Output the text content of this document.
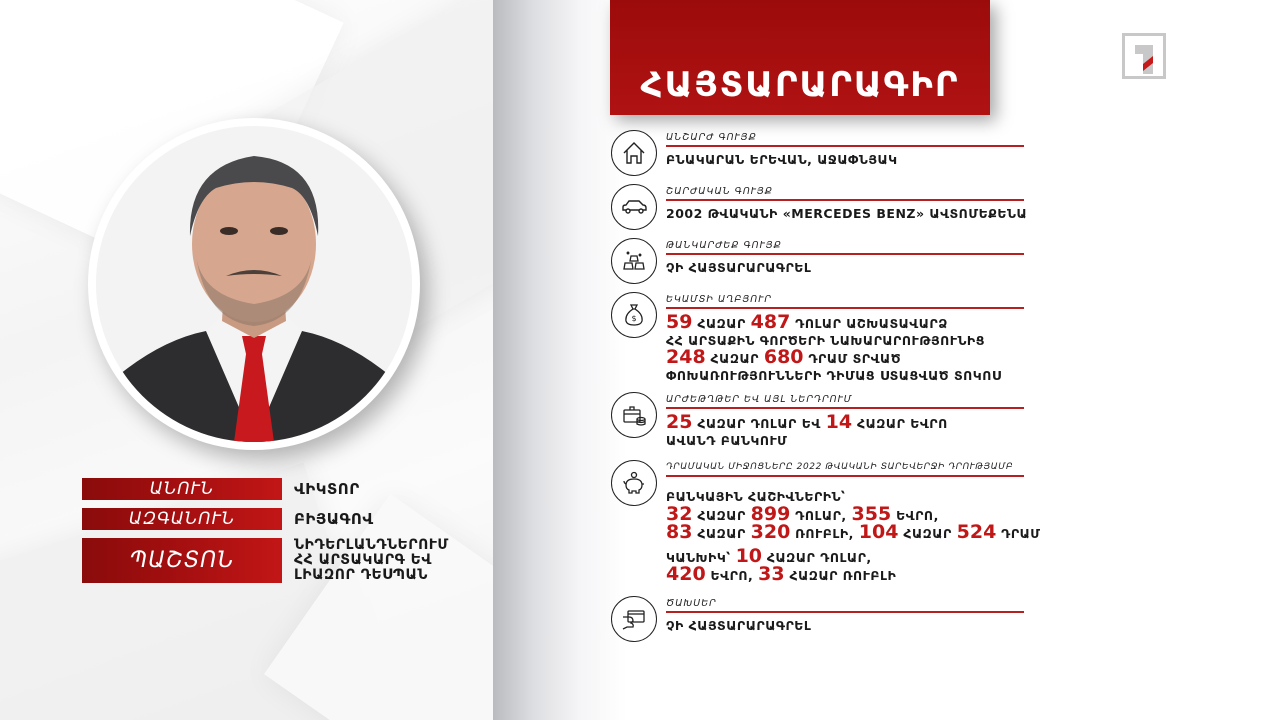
ԱՆՈՒՆ	ՎԻԿՏՈՐ
ԱԶԳԱՆՈՒՆ	ԲԻՅԱԳՈՎ
ՊԱՇՏՈՆ
ՆԻԴԵՐԼԱՆԴՆԵՐՈՒՄ
ՀՀ ԱՐՏԱԿԱՐԳ ԵՎ
ԼԻԱԶՈՐ ԴԵՍՊԱՆ
ՀԱՅՏԱՐԱՐԱԳԻՐ
ԱՆՇԱՐԺ ԳՈՒՅՔ
ԲՆԱԿԱՐԱՆ ԵՐԵՎԱՆ, ԱՋԱՓՆՅԱԿ
ՇԱՐԺԱԿԱՆ ԳՈՒՅՔ
2002 ԹՎԱԿԱՆԻ «MERCEDES BENZ» ԱՎՏՈՄԵՔԵՆԱ
ԹԱՆԿԱՐԺԵՔ ԳՈՒՅՔ
ՉԻ ՀԱՅՏԱՐԱՐԱԳՐԵԼ
$
ԵԿԱՄՏԻ ԱՂԲՅՈՒՐ
59 ՀԱԶԱՐ 487 ԴՈԼԱՐ ԱՇԽԱՏԱՎԱՐՁ
ՀՀ ԱՐՏԱՔԻՆ ԳՈՐԾԵՐԻ ՆԱԽԱՐԱՐՈՒԹՅՈՒՆԻՑ
248 ՀԱԶԱՐ 680 ԴՐԱՄ ՏՐՎԱԾ
ՓՈԽԱՌՈՒԹՅՈՒՆՆԵՐԻ ԴԻՄԱՑ ՍՏԱՑՎԱԾ ՏՈԿՈՍ
ԱՐԺԵԹՂԹԵՐ ԵՎ ԱՅԼ ՆԵՐԴՐՈՒՄ
25 ՀԱԶԱՐ ԴՈԼԱՐ ԵՎ 14 ՀԱԶԱՐ ԵՎՐՈ
ԱՎԱՆԴ ԲԱՆԿՈՒՄ
ԴՐԱՄԱԿԱՆ ՄԻՋՈՑՆԵՐԸ 2022 ԹՎԱԿԱՆԻ ՏԱՐԵՎԵՐՋԻ ԴՐՈՒԹՅԱՄԲ
ԲԱՆԿԱՅԻՆ ՀԱՇԻՎՆԵՐԻՆ՝
32 ՀԱԶԱՐ 899 ԴՈԼԱՐ, 355 ԵՎՐՈ,
83 ՀԱԶԱՐ 320 ՌՈՒԲԼԻ, 104 ՀԱԶԱՐ 524 ԴՐԱՄ
ԿԱՆԽԻԿ՝ 10 ՀԱԶԱՐ ԴՈԼԱՐ,
420 ԵՎՐՈ, 33 ՀԱԶԱՐ ՌՈՒԲԼԻ
ԾԱԽՍԵՐ
ՉԻ ՀԱՅՏԱՐԱՐԱԳՐԵԼ
